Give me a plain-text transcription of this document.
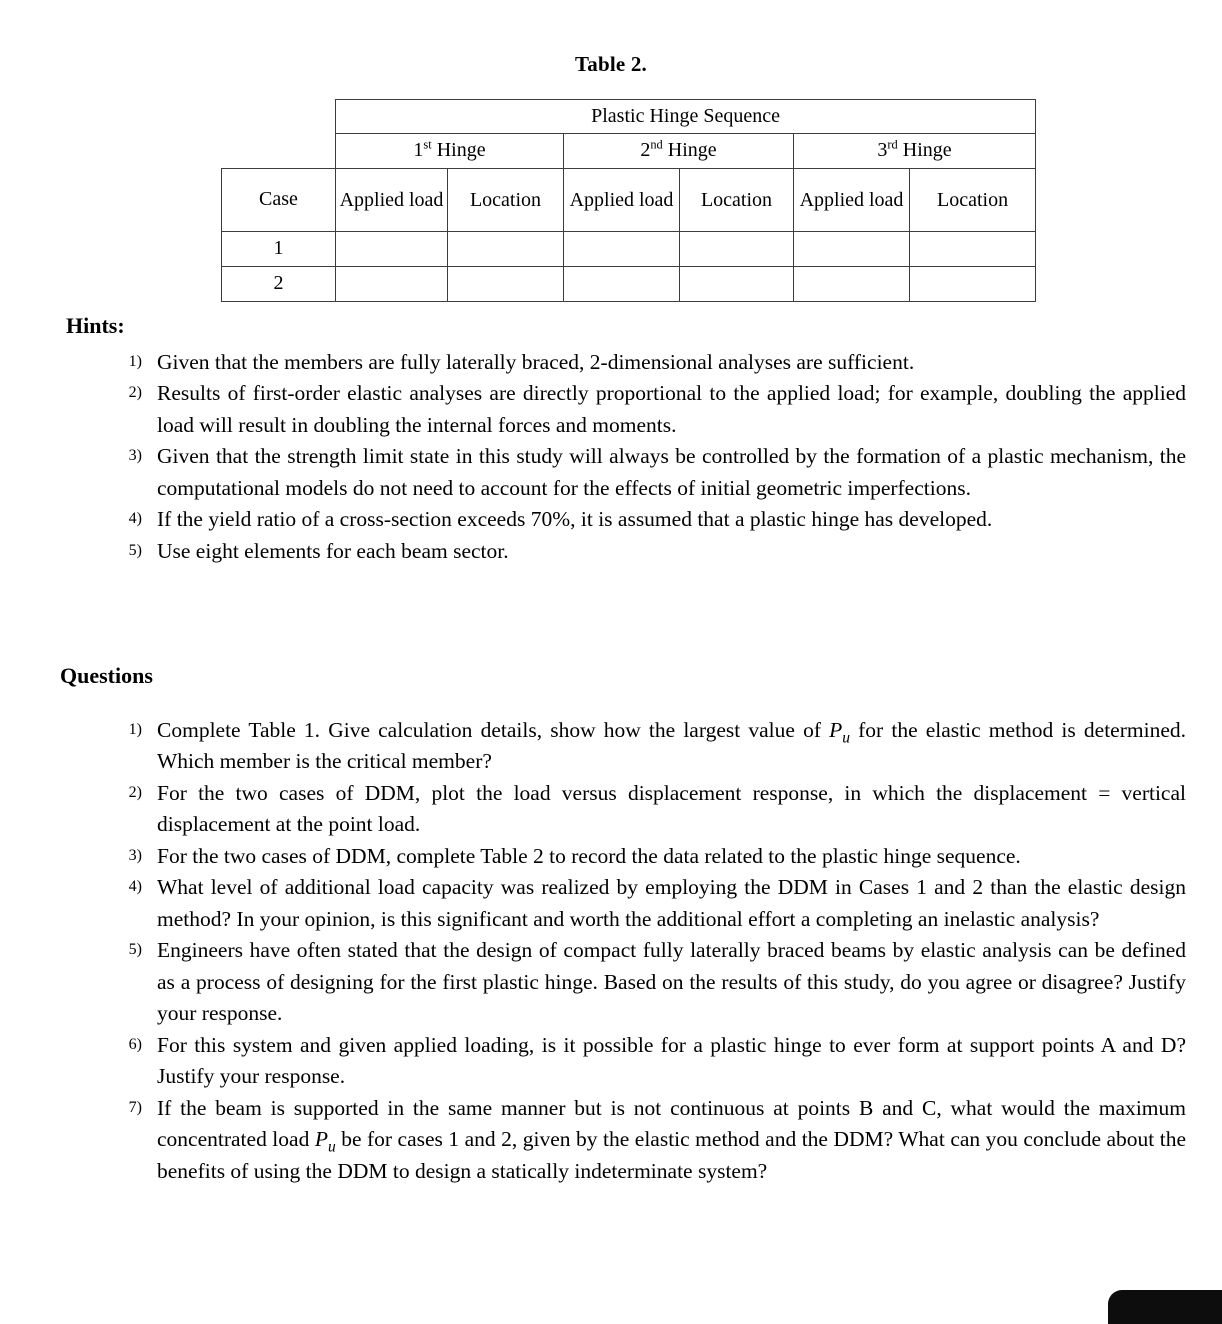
Table 2.
	Plastic Hinge Sequence					
	1st Hinge		2nd Hinge		3rd Hinge	
Case	Applied load	Location	Applied load	Location	Applied load	Location
1						
2						
Hints:
1) Given that the members are fully laterally braced, 2-dimensional analyses are sufficient.
2) Results of first-order elastic analyses are directly proportional to the applied load; for example, doubling the applied load will result in doubling the internal forces and moments.
3) Given that the strength limit state in this study will always be controlled by the formation of a plastic mechanism, the computational models do not need to account for the effects of initial geometric imperfections.
4) If the yield ratio of a cross-section exceeds 70%, it is assumed that a plastic hinge has developed.
5) Use eight elements for each beam sector.
Questions
1) Complete Table 1. Give calculation details, show how the largest value of $P_u$ for the elastic method is determined. Which member is the critical member?
2) For the two cases of DDM, plot the load versus displacement response, in which the displacement = vertical displacement at the point load.
3) For the two cases of DDM, complete Table 2 to record the data related to the plastic hinge sequence.
4) What level of additional load capacity was realized by employing the DDM in Cases 1 and 2 than the elastic design method? In your opinion, is this significant and worth the additional effort a completing an inelastic analysis?
5) Engineers have often stated that the design of compact fully laterally braced beams by elastic analysis can be defined as a process of designing for the first plastic hinge. Based on the results of this study, do you agree or disagree? Justify your response.
6) For this system and given applied loading, is it possible for a plastic hinge to ever form at support points A and D? Justify your response.
7) If the beam is supported in the same manner but is not continuous at points B and C, what would the maximum concentrated load $P_u$ be for cases 1 and 2, given by the elastic method and the DDM? What can you conclude about the benefits of using the DDM to design a statically indeterminate system?
